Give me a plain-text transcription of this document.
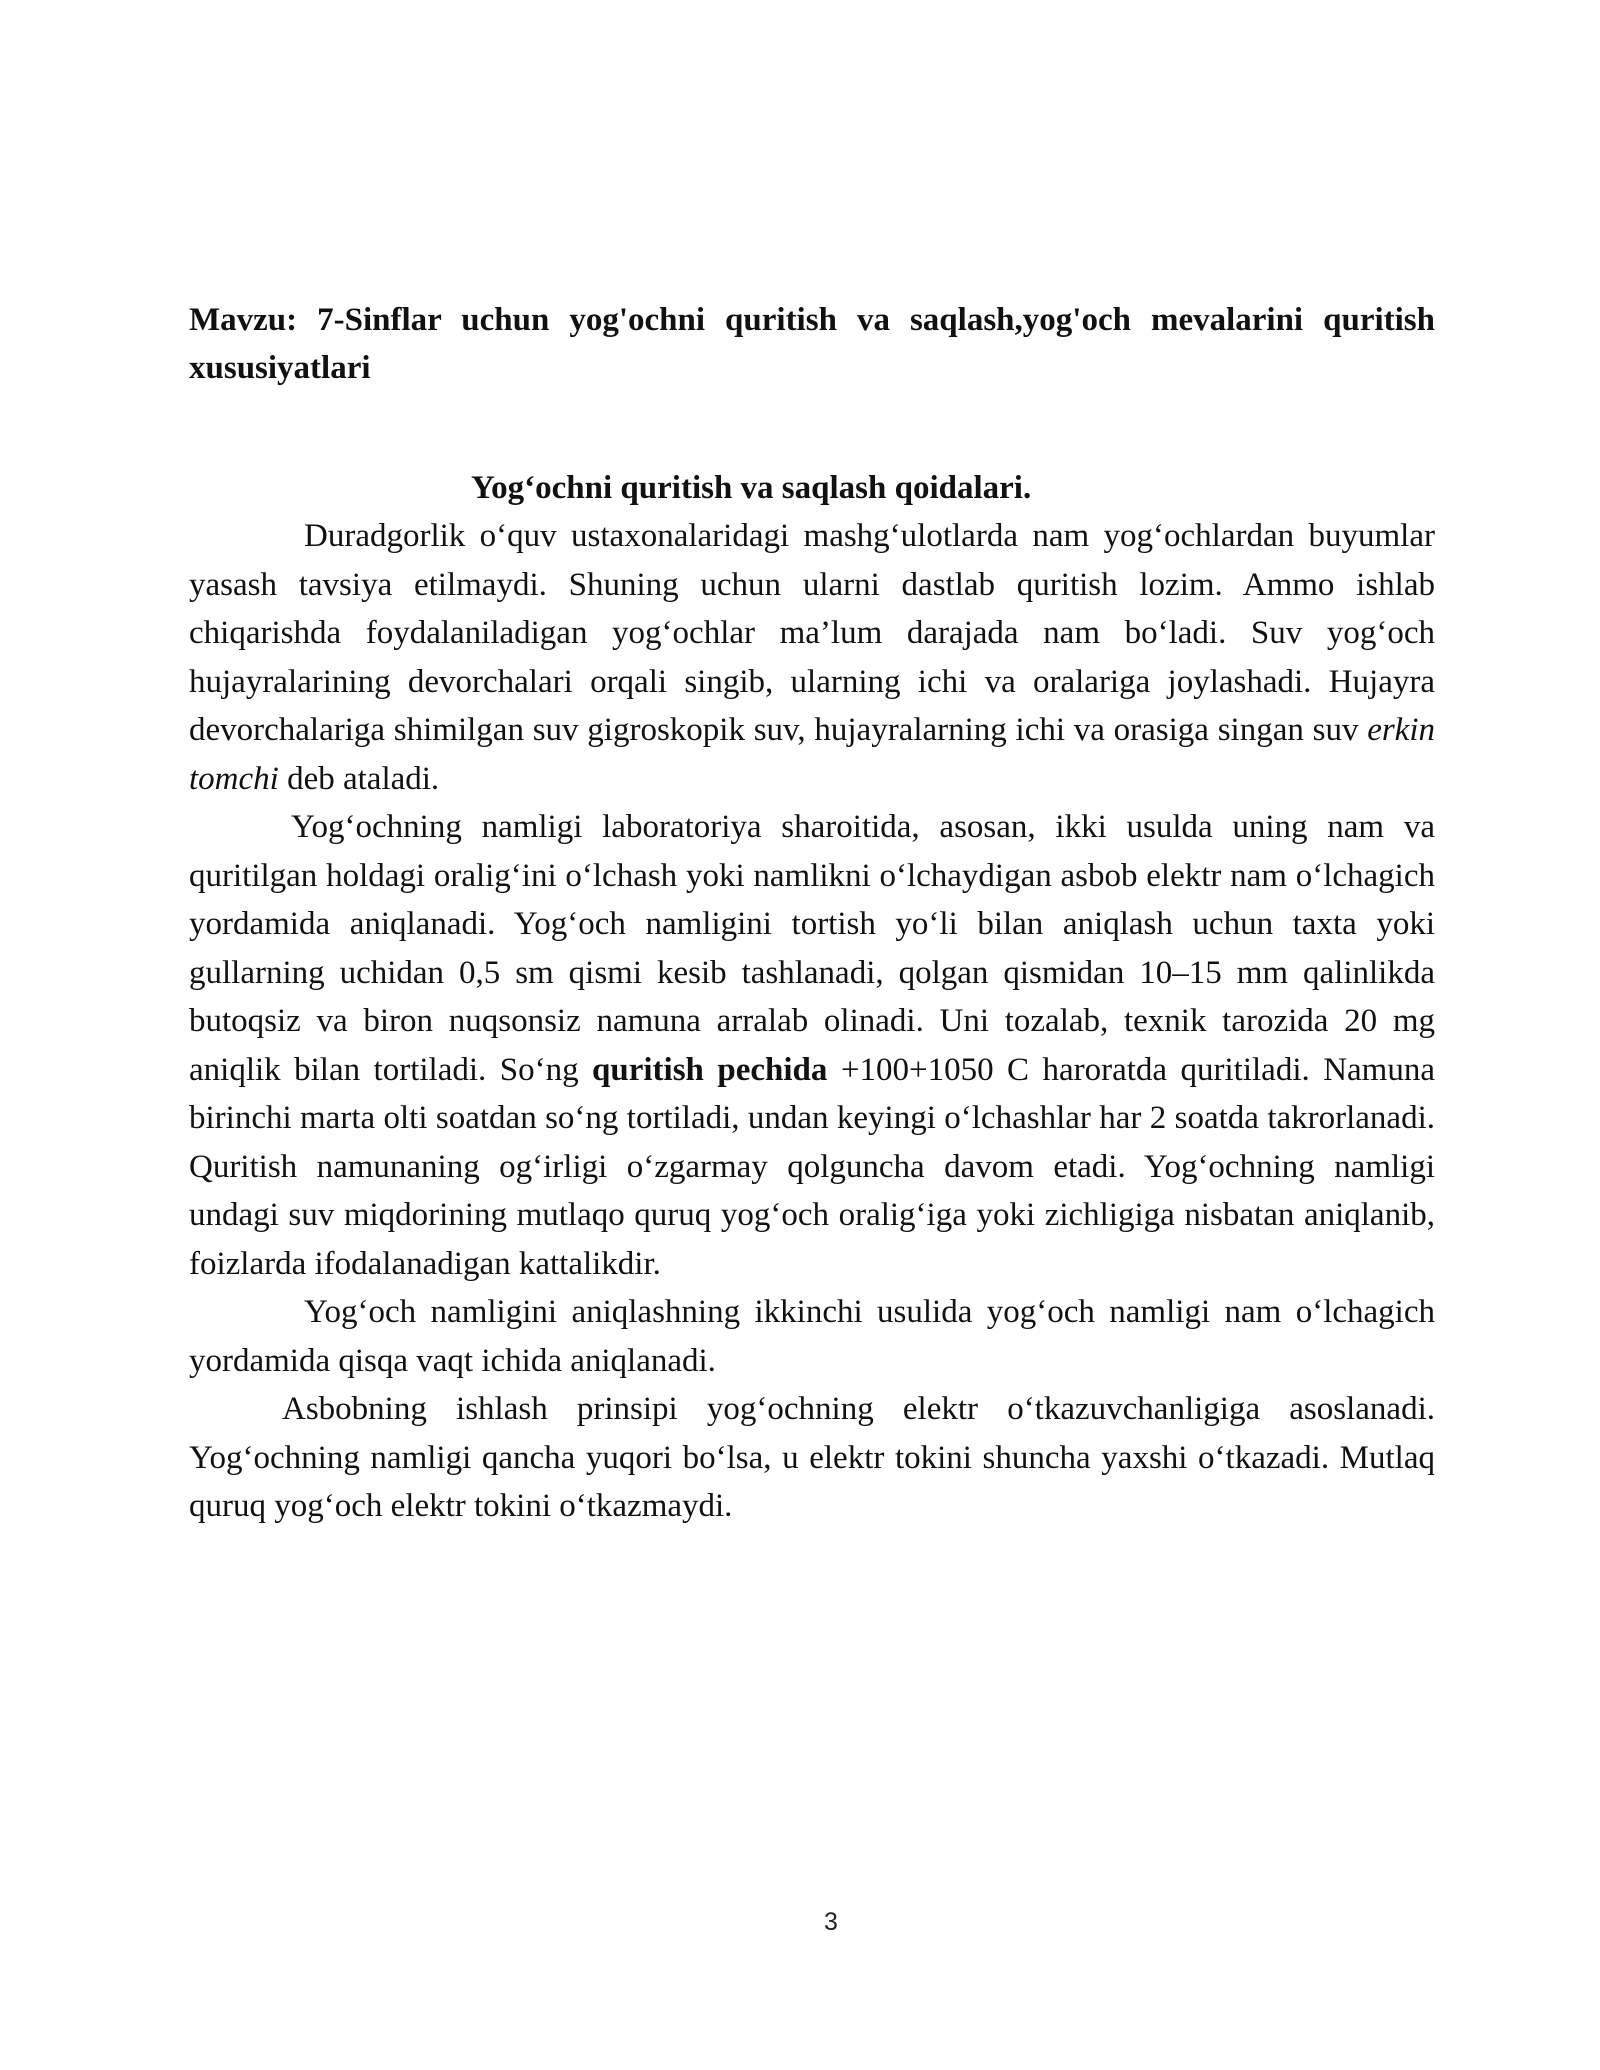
Mavzu: 7-Sinflar uchun yog'ochni quritish va saqlash,yog'och mevalarini quritish xususiyatlari
Yog‘ochni quritish va saqlash qoidalari.

Duradgorlik o‘quv ustaxonalaridagi mashg‘ulotlarda nam yog‘ochlardan buyumlar yasash tavsiya etilmaydi. Shuning uchun ularni dastlab quritish lozim. Ammo ishlab chiqarishda foydalaniladigan yog‘ochlar ma’lum darajada nam bo‘ladi. Suv yog‘och hujayralarining devorchalari orqali singib, ularning ichi va oralariga joylashadi. Hujayra devorchalariga shimilgan suv gigroskopik suv, hujayralarning ichi va orasiga singan suv erkin tomchi deb ataladi.

Yog‘ochning namligi laboratoriya sharoitida, asosan, ikki usulda uning nam va quritilgan holdagi oralig‘ini o‘lchash yoki namlikni o‘lchaydigan asbob elektr nam o‘lchagich yordamida aniqlanadi. Yog‘och namligini tortish yo‘li bilan aniqlash uchun taxta yoki gullarning uchidan 0,5 sm qismi kesib tashlanadi, qolgan qismidan 10–15 mm qalinlikda butoqsiz va biron nuqsonsiz namuna arralab olinadi. Uni tozalab, texnik tarozida 20 mg aniqlik bilan tortiladi. So‘ng quritish pechida +100+1050 C haroratda quritiladi. Namuna birinchi marta olti soatdan so‘ng tortiladi, undan keyingi o‘lchashlar har 2 soatda takrorlanadi. Quritish namunaning og‘irligi o‘zgarmay qolguncha davom etadi. Yog‘ochning namligi undagi suv miqdorining mutlaqo quruq yog‘och oralig‘iga yoki zichligiga nisbatan aniqlanib, foizlarda ifodalanadigan kattalikdir.

Yog‘och namligini aniqlashning ikkinchi usulida yog‘och namligi nam o‘lchagich yordamida qisqa vaqt ichida aniqlanadi.

Asbobning ishlash prinsipi yog‘ochning elektr o‘tkazuvchanligiga asoslanadi. Yog‘ochning namligi qancha yuqori bo‘lsa, u elektr tokini shuncha yaxshi o‘tkazadi. Mutlaq quruq yog‘och elektr tokini o‘tkazmaydi.

3
